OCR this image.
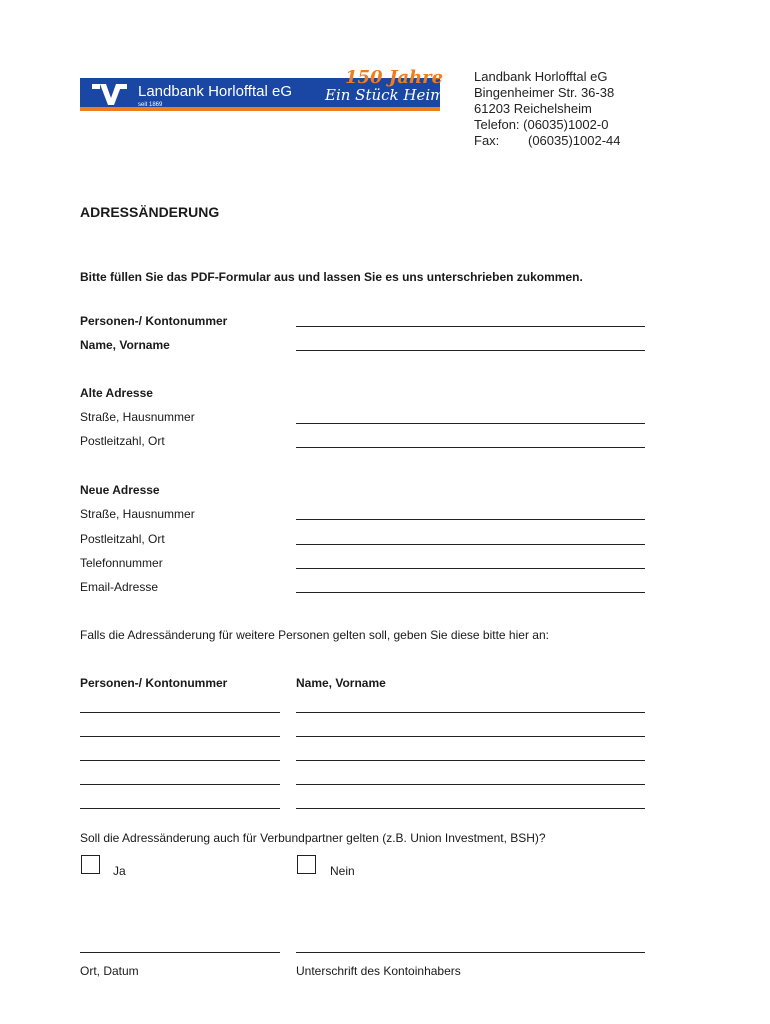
Landbank Horlofftal eG
seit 1869
150 Jahre
Ein Stück Heimat
Landbank Horlofftal eG
Bingenheimer Str. 36-38
61203 Reichelsheim
Telefon: (06035)1002-0
Fax: (06035)1002-44
ADRESSÄNDERUNG
Bitte füllen Sie das PDF-Formular aus und lassen Sie es uns unterschrieben zukommen.
Personen-/ Kontonummer
Name, Vorname
Alte Adresse
Straße, Hausnummer
Postleitzahl, Ort
Neue Adresse
Straße, Hausnummer
Postleitzahl, Ort
Telefonnummer
Email-Adresse
Falls die Adressänderung für weitere Personen gelten soll, geben Sie diese bitte hier an:
Personen-/ Kontonummer	Name, Vorname
Soll die Adressänderung auch für Verbundpartner gelten (z.B. Union Investment, BSH)?
Ja	Nein
Ort, Datum	Unterschrift des Kontoinhabers
